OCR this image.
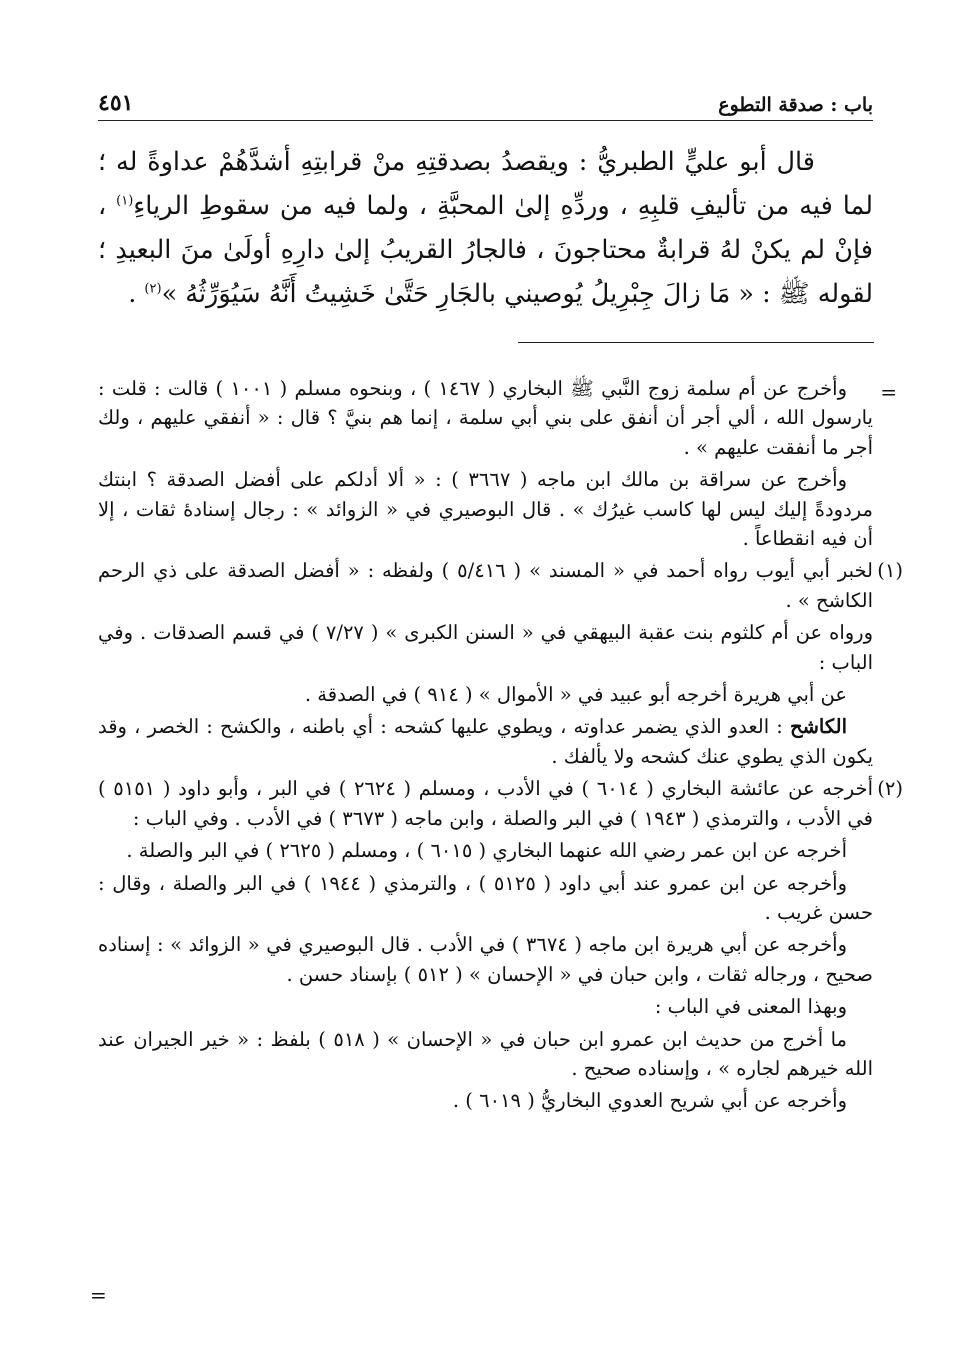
باب : صدقة التطوع
٤٥١

قال أبو عليٍّ الطبريُّ : ويقصدُ بصدقتِهِ منْ قرابتِهِ أشدَّهُمْ عداوةً له ؛ لما فيه من تأليفِ قلبِهِ ، وردِّهِ إلىٰ المحبَّةِ ، ولما فيه من سقوطِ الرياءِ$^{(١)}$ ، فإنْ لم يكنْ لهُ قرابةٌ محتاجونَ ، فالجارُ القريبُ إلىٰ دارِهِ أولَىٰ منَ البعيدِ ؛ لقوله ﷺ : « مَا زالَ جِبْرِيلُ يُوصيني بالجَارِ حَتَّىٰ خَشِيتُ أَنَّهُ سَيُوَرِّثُهُ »$^{(٢)}$ .

=

وأخرج عن أم سلمة زوج النَّبي ﷺ البخاري ( ١٤٦٧ ) ، وبنحوه مسلم ( ١٠٠١ ) قالت : قلت : يارسول الله ، ألي أجر أن أنفق على بني أبي سلمة ، إنما هم بنيَّ ؟ قال : « أنفقي عليهم ، ولك أجر ما أنفقت عليهم » .

وأخرج عن سراقة بن مالك ابن ماجه ( ٣٦٦٧ ) : « ألا أدلكم على أفضل الصدقة ؟ ابنتك مردودةً إليك ليس لها كاسب غيرُك » . قال البوصيري في « الزوائد » : رجال إسنادهٔ ثقات ، إلا أن فيه انقطاعاً .

(١)

لخبر أبي أيوب رواه أحمد في « المسند » ( ٥/٤١٦ ) ولفظه : « أفضل الصدقة على ذي الرحم الكاشح » .

ورواه عن أم كلثوم بنت عقبة البيهقي في « السنن الكبرى » ( ٧/٢٧ ) في قسم الصدقات . وفي الباب :

عن أبي هريرة أخرجه أبو عبيد في « الأموال » ( ٩١٤ ) في الصدقة .

الكاشح : العدو الذي يضمر عداوته ، ويطوي عليها كشحه : أي باطنه ، والكشح : الخصر ، وقد يكون الذي يطوي عنك كشحه ولا يألفك .

(٢)

أخرجه عن عائشة البخاري ( ٦٠١٤ ) في الأدب ، ومسلم ( ٢٦٢٤ ) في البر ، وأبو داود ( ٥١٥١ ) في الأدب ، والترمذي ( ١٩٤٣ ) في البر والصلة ، وابن ماجه ( ٣٦٧٣ ) في الأدب . وفي الباب :

أخرجه عن ابن عمر رضي الله عنهما البخاري ( ٦٠١٥ ) ، ومسلم ( ٢٦٢٥ ) في البر والصلة .

وأخرجه عن ابن عمرو عند أبي داود ( ٥١٢٥ ) ، والترمذي ( ١٩٤٤ ) في البر والصلة ، وقال : حسن غريب .

وأخرجه عن أبي هريرة ابن ماجه ( ٣٦٧٤ ) في الأدب . قال البوصيري في « الزوائد » : إسناده صحيح ، ورجاله ثقات ، وابن حبان في « الإحسان » ( ٥١٢ ) بإسناد حسن .

وبهذا المعنى في الباب :

ما أخرج من حديث ابن عمرو ابن حبان في « الإحسان » ( ٥١٨ ) بلفظ : « خير الجيران عند الله خيرهم لجاره » ، وإسناده صحيح .

وأخرجه عن أبي شريح العدوي البخاريُّ ( ٦٠١٩ ) .

=
